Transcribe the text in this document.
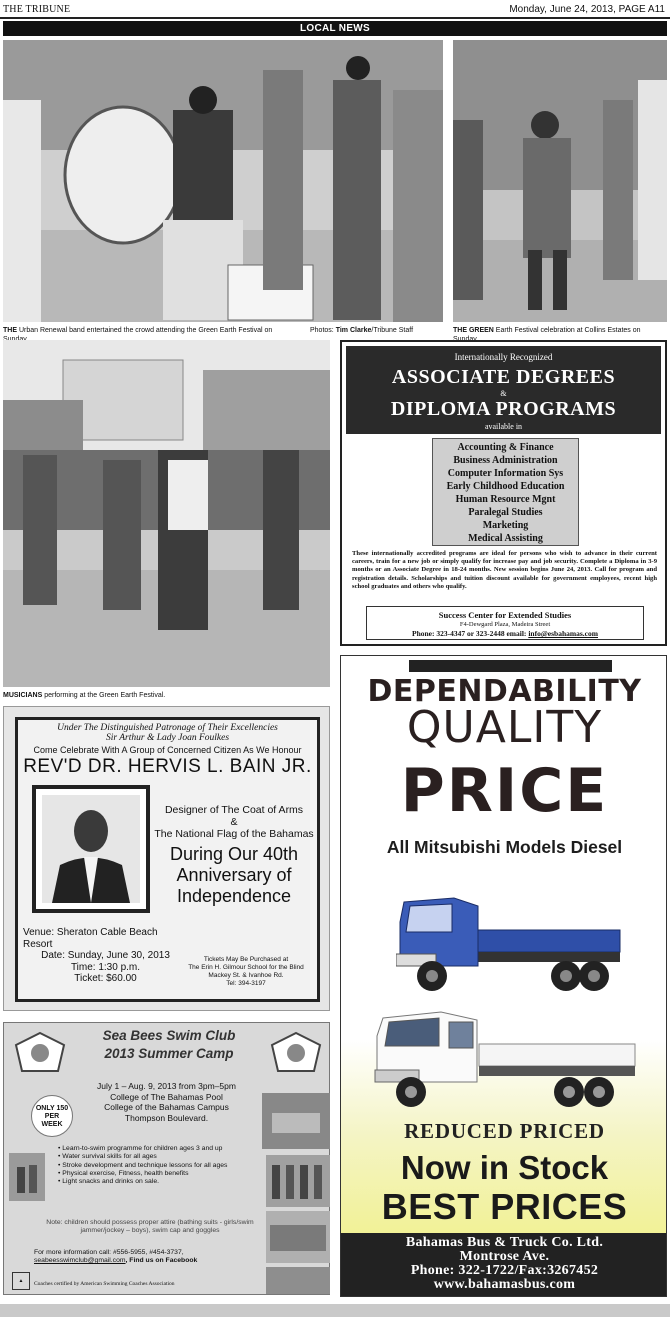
THE TRIBUNE	Monday, June 24, 2013, PAGE A11
LOCAL NEWS
THE Urban Renewal band entertained the crowd attending the Green Earth Festival on	Photos: Tim Clarke/Tribune Staff	THE GREEN Earth Festival celebration at Collins Estates on
MUSICIANS performing at the Green Earth Festival.
Internationally Recognized
ASSOCIATE DEGREES
&
DIPLOMA PROGRAMS
available in
Accounting & Finance
Business Administration
Computer Information Sys
Early Childhood Education
Human Resource Mgnt
Paralegal Studies
Marketing
Medical Assisting
These internationally accredited programs are ideal for persons who wish to advance in their current careers, train for a new job or simply qualify for increase pay and job security. Complete a Diploma in 3-9 months or an Associate Degree in 18-24 months. New session begins June 24, 2013. Call for program and registration details. Scholarships and tuition discount available for government employees, recent high school graduates and others who qualify.
Success Center for Extended Studies
F4-Dewgard Plaza, Madeira Street
Phone: 323-4347 or 323-2448 email: info@esbahamas.com
Under The Distinguished Patronage of Their Excellencies
Sir Arthur & Lady Joan Foulkes
Come Celebrate With A Group of Concerned Citizen As We Honour
REV'D DR. HERVIS L. BAIN JR.
Designer of The Coat of Arms
&
The National Flag of the Bahamas
During Our 40th
Anniversary of
Independence
Venue: Sheraton Cable Beach Resort
Date: Sunday, June 30, 2013
Time: 1:30 p.m.
Ticket: $60.00
Tickets May Be Purchased at
The Erin H. Gilmour School for the Blind
Mackey St. & Ivanhoe Rd.
Tel: 394-3197
Sea Bees Swim Club
2013 Summer Camp
ONLY 150
PER
WEEK
July 1 – Aug. 9, 2013 from 3pm–5pm
College of The Bahamas Pool
College of the Bahamas Campus
Thompson Boulevard.
• Learn-to-swim programme for children ages 3 and up
• Water survival skills for all ages
• Stroke development and technique lessons for all ages
• Physical exercise, Fitness, health benefits
• Light snacks and drinks on sale.
Note: children should possess proper attire (bathing suits - girls/swim jammer/jockey – boys), swim cap and goggles
For more information call: #556-5955, #454-3737,
seabeesswimclub@gmail.com, Find us on Facebook
▲	Coaches certified by American Swimming Coaches Association
DEPENDABILITY
QUALITY
PRICE
All Mitsubishi Models Diesel
REDUCED PRICED
Now in Stock
BEST PRICES
Bahamas Bus & Truck Co. Ltd.
Montrose Ave.
Phone: 322-1722/Fax:3267452
www.bahamasbus.com
